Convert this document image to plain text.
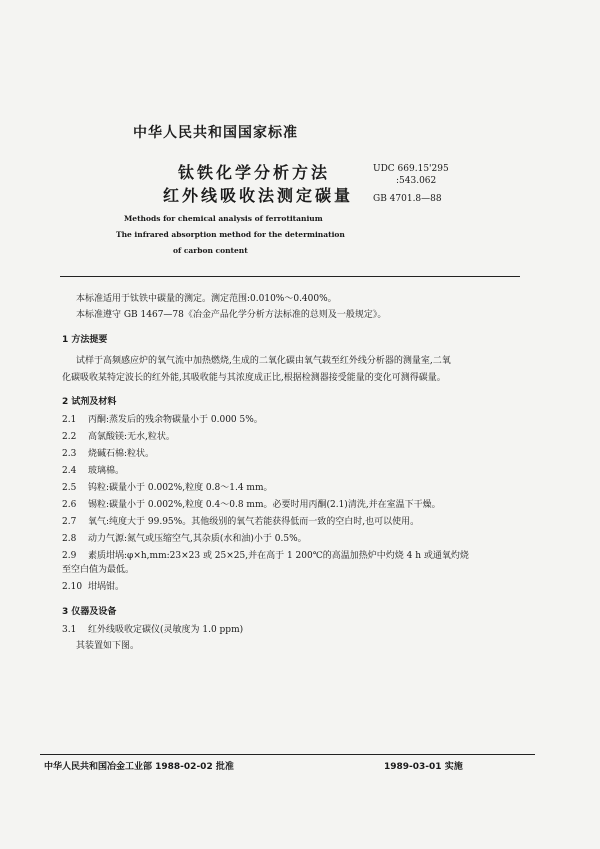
中华人民共和国国家标准
钛铁化学分析方法
红外线吸收法测定碳量
UDC 669.15'295
:543.062
GB 4701.8—88
Methods for chemical analysis of ferrotitanium
The infrared absorption method for the determination
of carbon content
本标准适用于钛铁中碳量的测定。测定范围:0.010%～0.400%。
本标准遵守 GB 1467—78《冶金产品化学分析方法标准的总则及一般规定》。
1 方法提要
试样于高频感应炉的氧气流中加热燃烧,生成的二氧化碳由氧气载至红外线分析器的测量室,二氧
化碳吸收某特定波长的红外能,其吸收能与其浓度成正比,根据检测器接受能量的变化可测得碳量。
2 试剂及材料
2.1 丙酮:蒸发后的残余物碳量小于 0.000 5%。
2.2 高氯酸镁:无水,粒状。
2.3 烧碱石棉:粒状。
2.4 玻璃棉。
2.5 钨粒:碳量小于 0.002%,粒度 0.8～1.4 mm。
2.6 锡粒:碳量小于 0.002%,粒度 0.4～0.8 mm。必要时用丙酮(2.1)清洗,并在室温下干燥。
2.7 氧气:纯度大于 99.95%。其他级别的氧气若能获得低而一致的空白时,也可以使用。
2.8 动力气源:氮气或压缩空气,其杂质(水和油)小于 0.5%。
2.9 素质坩埚:φ×h,mm:23×23 或 25×25,并在高于 1 200℃的高温加热炉中灼烧 4 h 或通氧灼烧
至空白值为最低。
2.10 坩埚钳。
3 仪器及设备
3.1 红外线吸收定碳仪(灵敏度为 1.0 ppm)
其装置如下图。
中华人民共和国冶金工业部 1988-02-02 批准	1989-03-01 实施
